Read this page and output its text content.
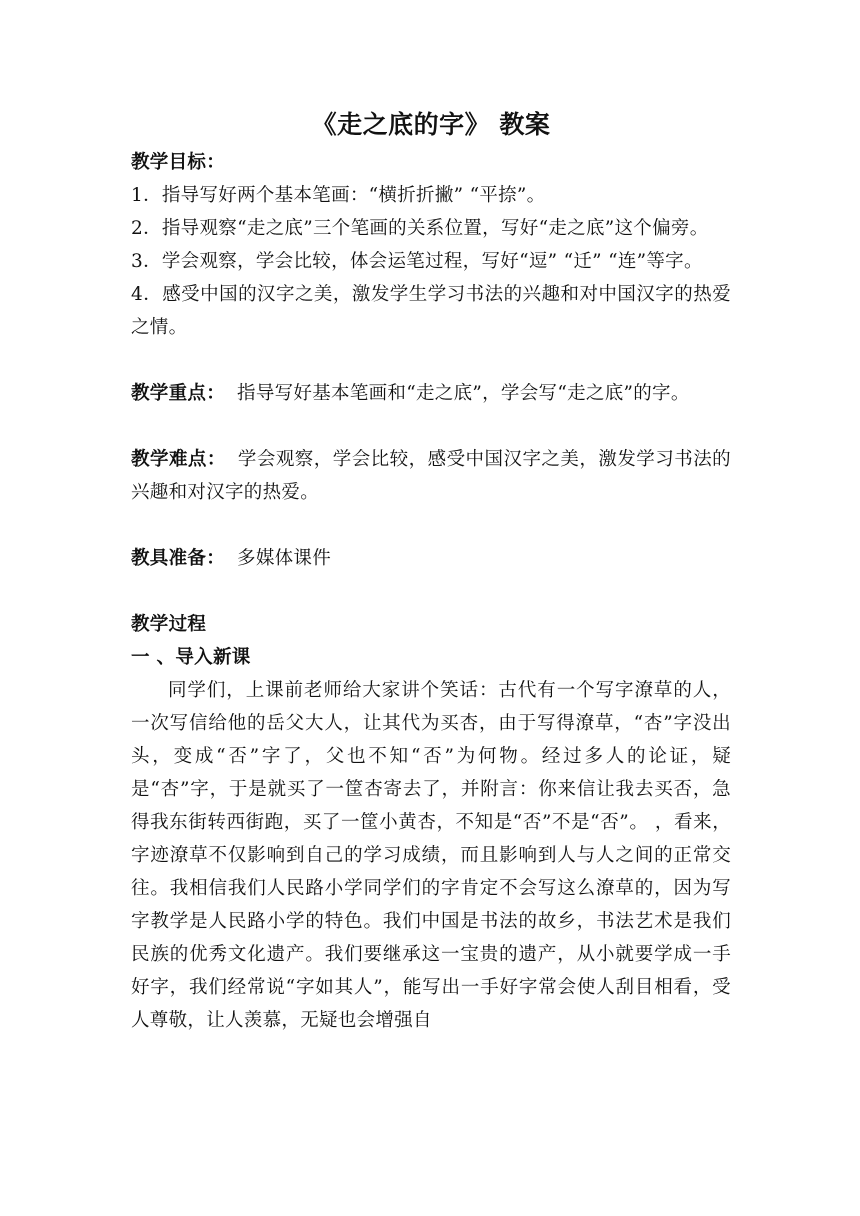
《走之底的字》 教案

教学目标：

1．指导写好两个基本笔画：“横折折撇” “平捺”。

2．指导观察“走之底”三个笔画的关系位置，写好“走之底”这个偏旁。

3．学会观察，学会比较，体会运笔过程，写好“逗” “迁” “连”等字。

4．感受中国的汉字之美，激发学生学习书法的兴趣和对中国汉字的热爱之情。

教学重点： 指导写好基本笔画和“走之底”，学会写“走之底”的字。

教学难点： 学会观察，学会比较，感受中国汉字之美，激发学习书法的兴趣和对汉字的热爱。

教具准备： 多媒体课件

教学过程

一 、导入新课

同学们，上课前老师给大家讲个笑话：古代有一个写字潦草的人，一次写信给他的岳父大人，让其代为买杏，由于写得潦草，“杏”字没出头，变成“否”字了，父也不知“否”为何物。经过多人的论证，疑是“杏”字，于是就买了一筐杏寄去了，并附言：你来信让我去买否，急得我东街转西街跑，买了一筐小黄杏，不知是“否”不是“否”。 ，看来，字迹潦草不仅影响到自己的学习成绩，而且影响到人与人之间的正常交往。我相信我们人民路小学同学们的字肯定不会写这么潦草的，因为写字教学是人民路小学的特色。我们中国是书法的故乡，书法艺术是我们民族的优秀文化遗产。我们要继承这一宝贵的遗产，从小就要学成一手好字，我们经常说“字如其人”，能写出一手好字常会使人刮目相看，受人尊敬，让人羡慕，无疑也会增强自
